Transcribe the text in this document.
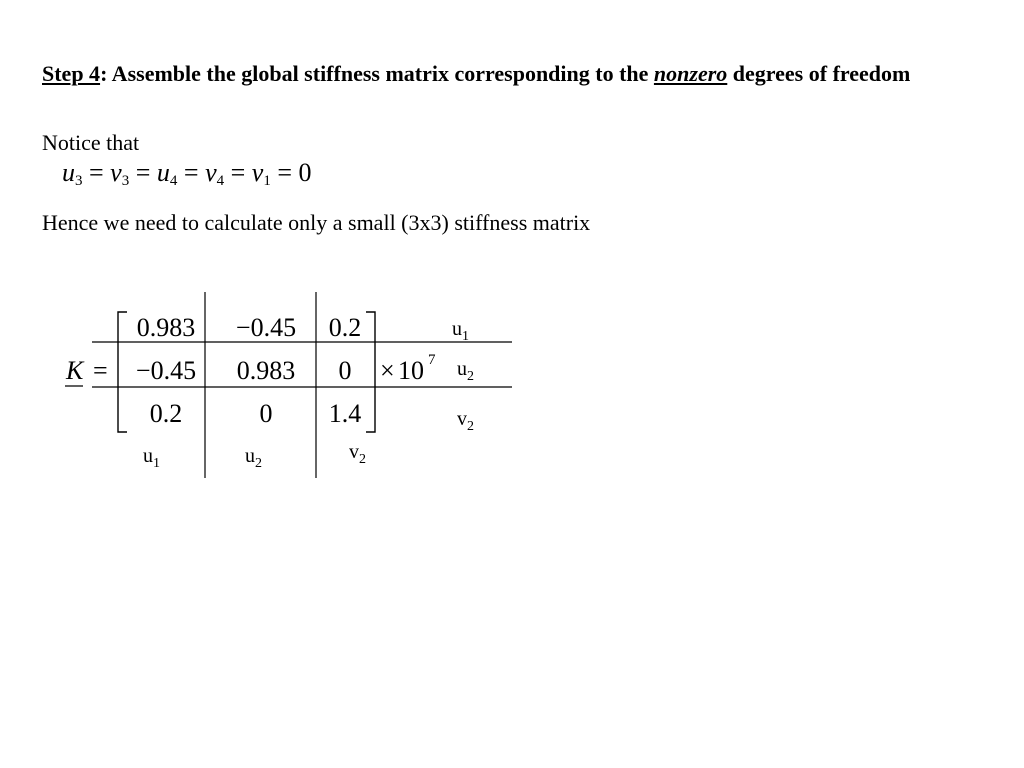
Step 4: Assemble the global stiffness matrix corresponding to the nonzero degrees of freedom
Notice that
$u_3 = v_3 = u_4 = v_4 = v_1 = 0$
Hence we need to calculate only a small (3x3) stiffness matrix
K =
0.983 −0.45 0.2
−0.45 0.983 0
0.2	0 1.4
× 10 7
$u_1$
$u_2$
$v_2$
$u_1$	$u_2$
$v_2$
